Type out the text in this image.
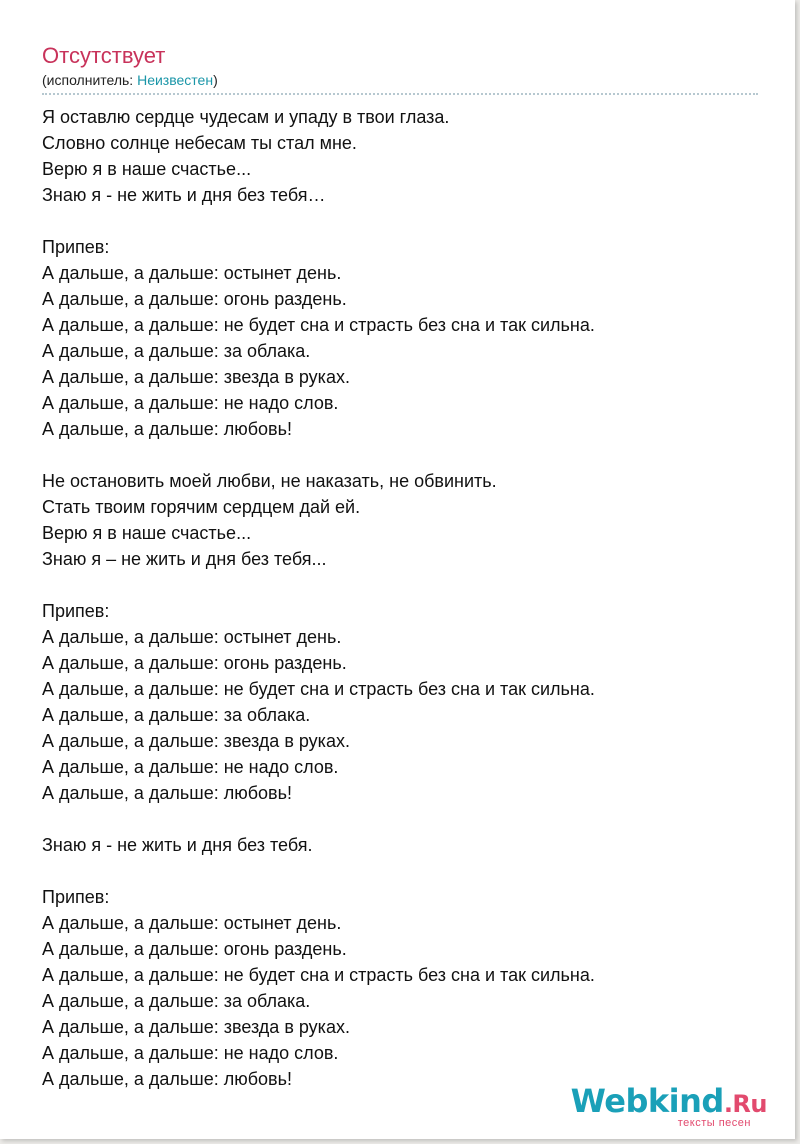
Отсутствует
(исполнитель: Неизвестен)
Я оставлю сердце чудесам и упаду в твои глаза.
Словно солнце небесам ты стал мне.
Верю я в наше счастье...
Знаю я - не жить и дня без тебя…
Припев:
А дальше, а дальше: остынет день.
А дальше, а дальше: огонь раздень.
А дальше, а дальше: не будет сна и страсть без сна и так сильна.
А дальше, а дальше: за облака.
А дальше, а дальше: звезда в руках.
А дальше, а дальше: не надо слов.
А дальше, а дальше: любовь!
Не остановить моей любви, не наказать, не обвинить.
Стать твоим горячим сердцем дай ей.
Верю я в наше счастье...
Знаю я – не жить и дня без тебя...
Припев:
А дальше, а дальше: остынет день.
А дальше, а дальше: огонь раздень.
А дальше, а дальше: не будет сна и страсть без сна и так сильна.
А дальше, а дальше: за облака.
А дальше, а дальше: звезда в руках.
А дальше, а дальше: не надо слов.
А дальше, а дальше: любовь!
Знаю я - не жить и дня без тебя.
Припев:
А дальше, а дальше: остынет день.
А дальше, а дальше: огонь раздень.
А дальше, а дальше: не будет сна и страсть без сна и так сильна.
А дальше, а дальше: за облака.
А дальше, а дальше: звезда в руках.
А дальше, а дальше: не надо слов.
А дальше, а дальше: любовь!
Webkind.Ru
тексты песен
